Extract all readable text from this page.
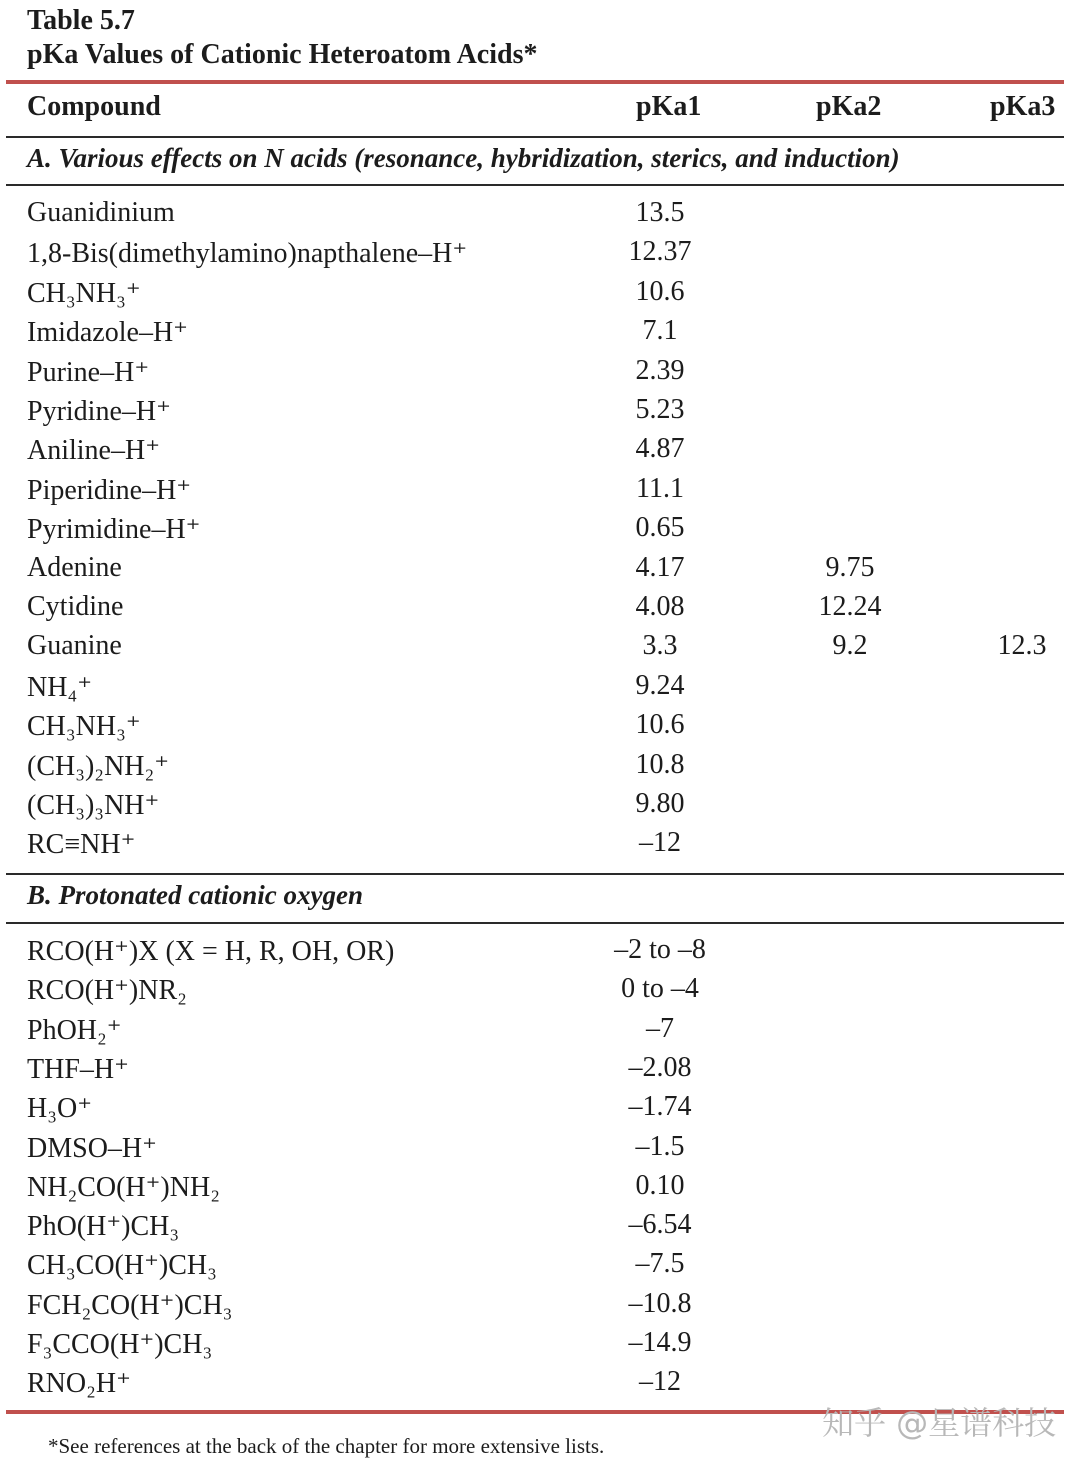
Table 5.7
pKa Values of Cationic Heteroatom Acids*
Compound	pKa1	pKa2	pKa3
A. Various effects on N acids (resonance, hybridization, sterics, and induction)
Guanidinium	13.5
1,8-Bis(dimethylamino)napthalene–H⁺	12.37
CH₃NH₃⁺	10.6
Imidazole–H⁺	7.1
Purine–H⁺	2.39
Pyridine–H⁺	5.23
Aniline–H⁺	4.87
Piperidine–H⁺	11.1
Pyrimidine–H⁺	0.65
Adenine	4.17	9.75
Cytidine	4.08	12.24
Guanine	3.3	9.2	12.3
NH₄⁺	9.24
CH₃NH₃⁺	10.6
(CH₃)₂NH₂⁺	10.8
(CH₃)₃NH⁺	9.80
RC≡NH⁺	–12
B. Protonated cationic oxygen
RCO(H⁺)X (X = H, R, OH, OR)	–2 to –8
RCO(H⁺)NR₂	0 to –4
PhOH₂⁺	–7
THF–H⁺	–2.08
H₃O⁺	–1.74
DMSO–H⁺	–1.5
NH₂CO(H⁺)NH₂	0.10
PhO(H⁺)CH₃	–6.54
CH₃CO(H⁺)CH₃	–7.5
FCH₂CO(H⁺)CH₃	–10.8
F₃CCO(H⁺)CH₃	–14.9
RNO₂H⁺	–12
知乎 @星谱科技
*See references at the back of the chapter for more extensive lists.
